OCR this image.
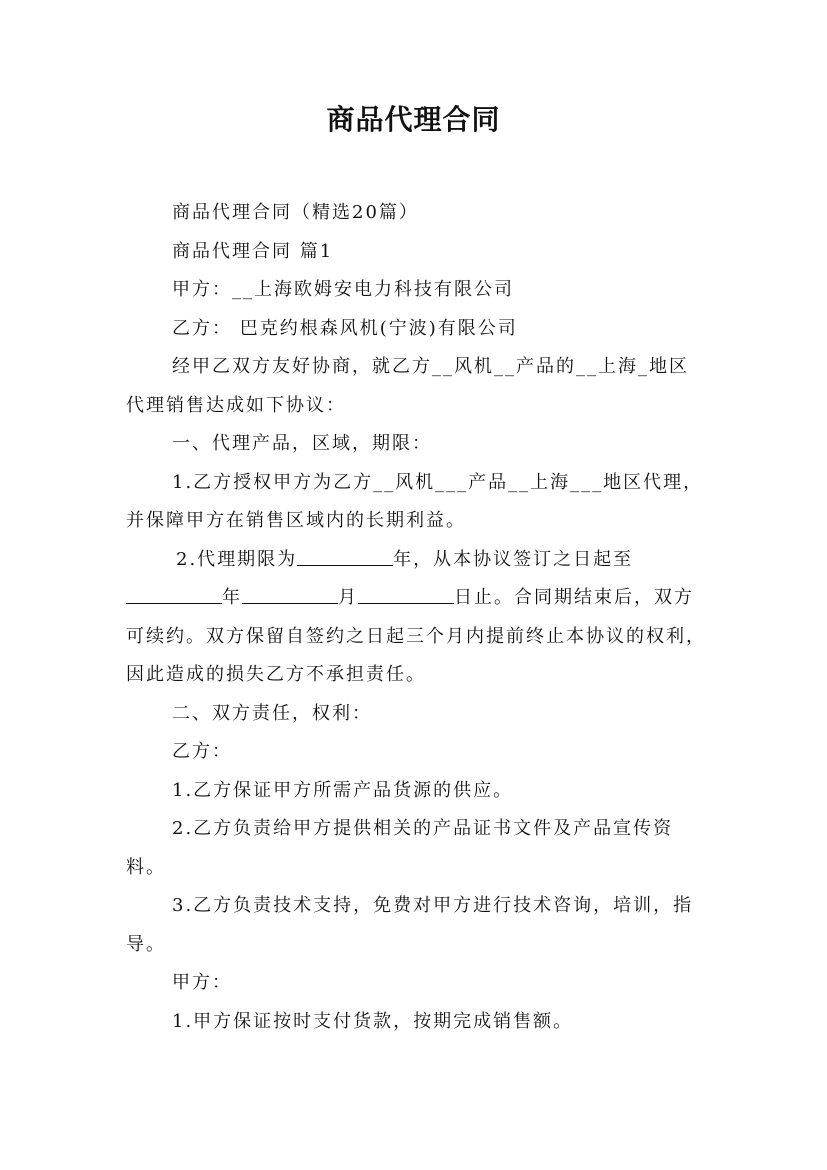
商品代理合同

商品代理合同（精选20篇）

商品代理合同 篇1

甲方：__上海欧姆安电力科技有限公司

乙方： 巴克约根森风机(宁波)有限公司

经甲乙双方友好协商，就乙方__风机__产品的__上海_地区代理销售达成如下协议：

一、代理产品，区域，期限：

1.乙方授权甲方为乙方__风机___产品__上海___地区代理，并保障甲方在销售区域内的长期利益。

2.代理期限为	年，从本协议签订之日起至年	月	日止。合同期结束后，双方可续约。双方保留自签约之日起三个月内提前终止本协议的权利，因此造成的损失乙方不承担责任。

二、双方责任，权利：

乙方：

1.乙方保证甲方所需产品货源的供应。

2.乙方负责给甲方提供相关的产品证书文件及产品宣传资料。

3.乙方负责技术支持，免费对甲方进行技术咨询，培训，指导。

甲方：

1.甲方保证按时支付货款，按期完成销售额。
